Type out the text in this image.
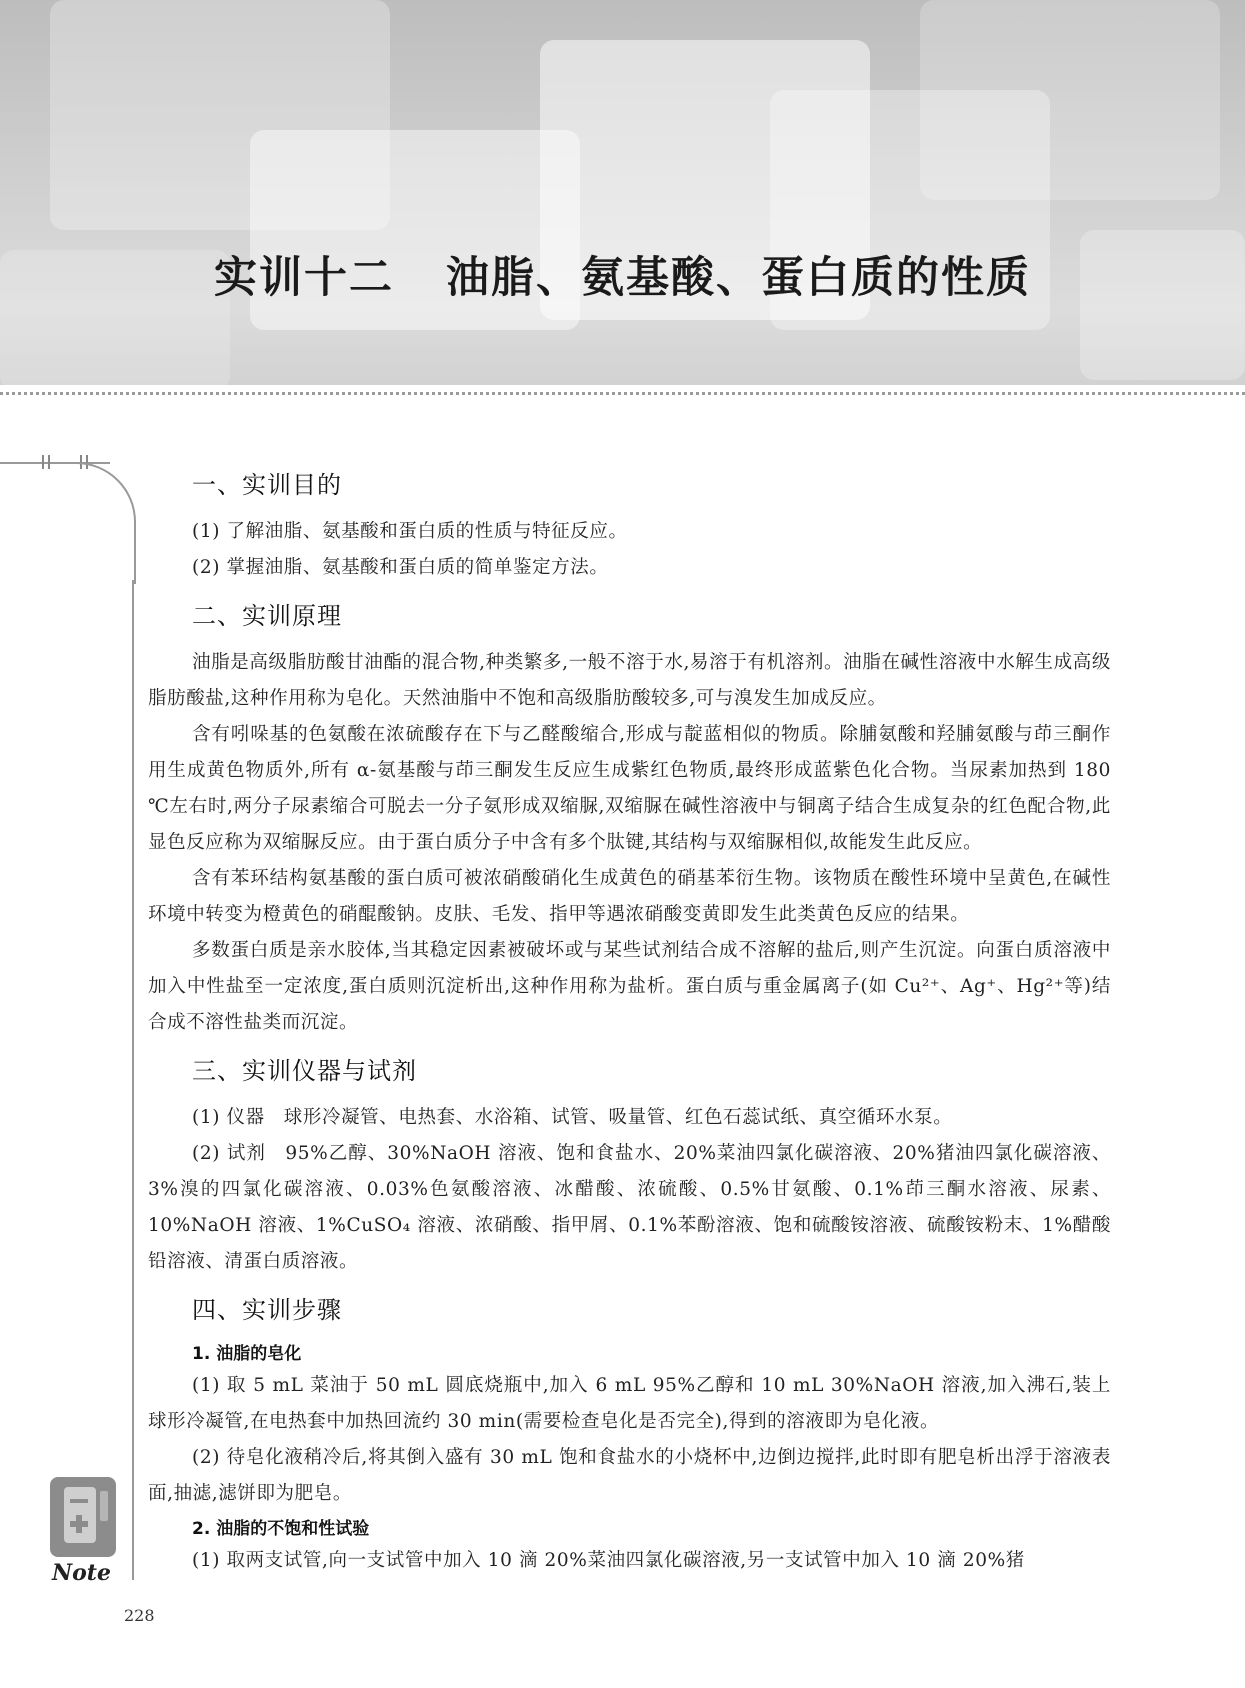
实训十二 油脂、氨基酸、蛋白质的性质
Note
一、实训目的

(1) 了解油脂、氨基酸和蛋白质的性质与特征反应。

(2) 掌握油脂、氨基酸和蛋白质的简单鉴定方法。

二、实训原理

油脂是高级脂肪酸甘油酯的混合物,种类繁多,一般不溶于水,易溶于有机溶剂。油脂在碱性溶液中水解生成高级脂肪酸盐,这种作用称为皂化。天然油脂中不饱和高级脂肪酸较多,可与溴发生加成反应。

含有吲哚基的色氨酸在浓硫酸存在下与乙醛酸缩合,形成与靛蓝相似的物质。除脯氨酸和羟脯氨酸与茚三酮作用生成黄色物质外,所有 α-氨基酸与茚三酮发生反应生成紫红色物质,最终形成蓝紫色化合物。当尿素加热到 180 ℃左右时,两分子尿素缩合可脱去一分子氨形成双缩脲,双缩脲在碱性溶液中与铜离子结合生成复杂的红色配合物,此显色反应称为双缩脲反应。由于蛋白质分子中含有多个肽键,其结构与双缩脲相似,故能发生此反应。

含有苯环结构氨基酸的蛋白质可被浓硝酸硝化生成黄色的硝基苯衍生物。该物质在酸性环境中呈黄色,在碱性环境中转变为橙黄色的硝醌酸钠。皮肤、毛发、指甲等遇浓硝酸变黄即发生此类黄色反应的结果。

多数蛋白质是亲水胶体,当其稳定因素被破坏或与某些试剂结合成不溶解的盐后,则产生沉淀。向蛋白质溶液中加入中性盐至一定浓度,蛋白质则沉淀析出,这种作用称为盐析。蛋白质与重金属离子(如 Cu²⁺、Ag⁺、Hg²⁺等)结合成不溶性盐类而沉淀。

三、实训仪器与试剂

(1) 仪器　球形冷凝管、电热套、水浴箱、试管、吸量管、红色石蕊试纸、真空循环水泵。

(2) 试剂　95%乙醇、30%NaOH 溶液、饱和食盐水、20%菜油四氯化碳溶液、20%猪油四氯化碳溶液、3%溴的四氯化碳溶液、0.03%色氨酸溶液、冰醋酸、浓硫酸、0.5%甘氨酸、0.1%茚三酮水溶液、尿素、10%NaOH 溶液、1%CuSO₄ 溶液、浓硝酸、指甲屑、0.1%苯酚溶液、饱和硫酸铵溶液、硫酸铵粉末、1%醋酸铅溶液、清蛋白质溶液。

四、实训步骤
1. 油脂的皂化

(1) 取 5 mL 菜油于 50 mL 圆底烧瓶中,加入 6 mL 95%乙醇和 10 mL 30%NaOH 溶液,加入沸石,装上球形冷凝管,在电热套中加热回流约 30 min(需要检查皂化是否完全),得到的溶液即为皂化液。

(2) 待皂化液稍冷后,将其倒入盛有 30 mL 饱和食盐水的小烧杯中,边倒边搅拌,此时即有肥皂析出浮于溶液表面,抽滤,滤饼即为肥皂。

2. 油脂的不饱和性试验

(1) 取两支试管,向一支试管中加入 10 滴 20%菜油四氯化碳溶液,另一支试管中加入 10 滴 20%猪

228
